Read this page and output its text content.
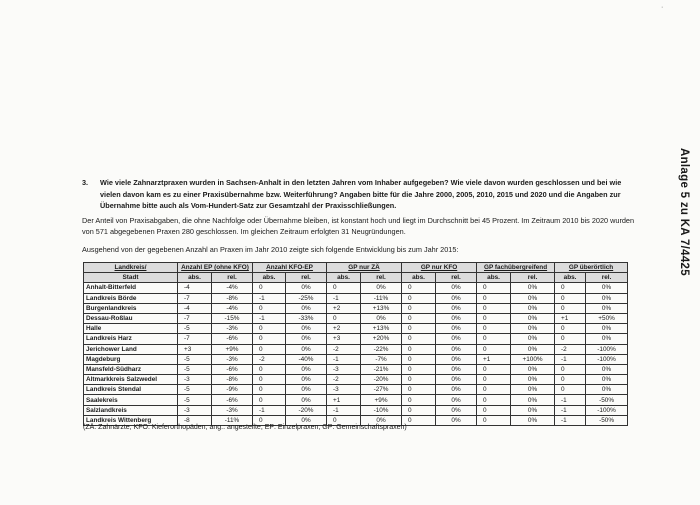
·
Anlage 5 zu KA 7/4425
3. Wie viele Zahnarztpraxen wurden in Sachsen-Anhalt in den letzten Jahren vom Inhaber aufgegeben? Wie viele davon wurden geschlossen und bei wie vielen davon kam es zu einer Praxisübernahme bzw. Weiterführung? Angaben bitte für die Jahre 2000, 2005, 2010, 2015 und 2020 und die Angaben zur Übernahme bitte auch als Vom-Hundert-Satz zur Gesamtzahl der Praxisschließungen.
Der Anteil von Praxisabgaben, die ohne Nachfolge oder Übernahme bleiben, ist konstant hoch und liegt im Durchschnitt bei 45 Prozent. Im Zeitraum 2010 bis 2020 wurden von 571 abgegebenen Praxen 280 geschlossen. Im gleichen Zeitraum erfolgten 31 Neugründungen.
Ausgehend von der gegebenen Anzahl an Praxen im Jahr 2010 zeigte sich folgende Entwicklung bis zum Jahr 2015:
Landkreis/	Anzahl EP (ohne KFO)		Anzahl KFO-EP		GP nur ZÄ		GP nur KFO		GP fachübergreifend		GP überörtlich	
Stadt	abs.	rel.	abs.	rel.	abs.	rel.	abs.	rel.	abs.	rel.	abs.	rel.
Anhalt-Bitterfeld	-4	-4%	0	0%	0	0%	0	0%	0	0%	0	0%
Landkreis Börde	-7	-8%	-1	-25%	-1	-11%	0	0%	0	0%	0	0%
Burgenlandkreis	-4	-4%	0	0%	+2	+13%	0	0%	0	0%	0	0%
Dessau-Roßlau	-7	-15%	-1	-33%	0	0%	0	0%	0	0%	+1	+50%
Halle	-5	-3%	0	0%	+2	+13%	0	0%	0	0%	0	0%
Landkreis Harz	-7	-6%	0	0%	+3	+20%	0	0%	0	0%	0	0%
Jerichower Land	+3	+9%	0	0%	-2	-22%	0	0%	0	0%	-2	-100%
Magdeburg	-5	-3%	-2	-40%	-1	-7%	0	0%	+1	+100%	-1	-100%
Mansfeld-Südharz	-5	-6%	0	0%	-3	-21%	0	0%	0	0%	0	0%
Altmarkkreis Salzwedel	-3	-8%	0	0%	-2	-20%	0	0%	0	0%	0	0%
Landkreis Stendal	-5	-9%	0	0%	-3	-27%	0	0%	0	0%	0	0%
Saalekreis	-5	-6%	0	0%	+1	+9%	0	0%	0	0%	-1	-50%
Salzlandkreis	-3	-3%	-1	-20%	-1	-10%	0	0%	0	0%	-1	-100%
Landkreis Wittenberg	-8	-11%	0	0%	0	0%	0	0%	0	0%	-1	-50%
(ZÄ: Zahnärzte, KFO: Kieferorthopäden, ang.: angestellte, EP: Einzelpraxen, GP: Gemeinschaftspraxen)
